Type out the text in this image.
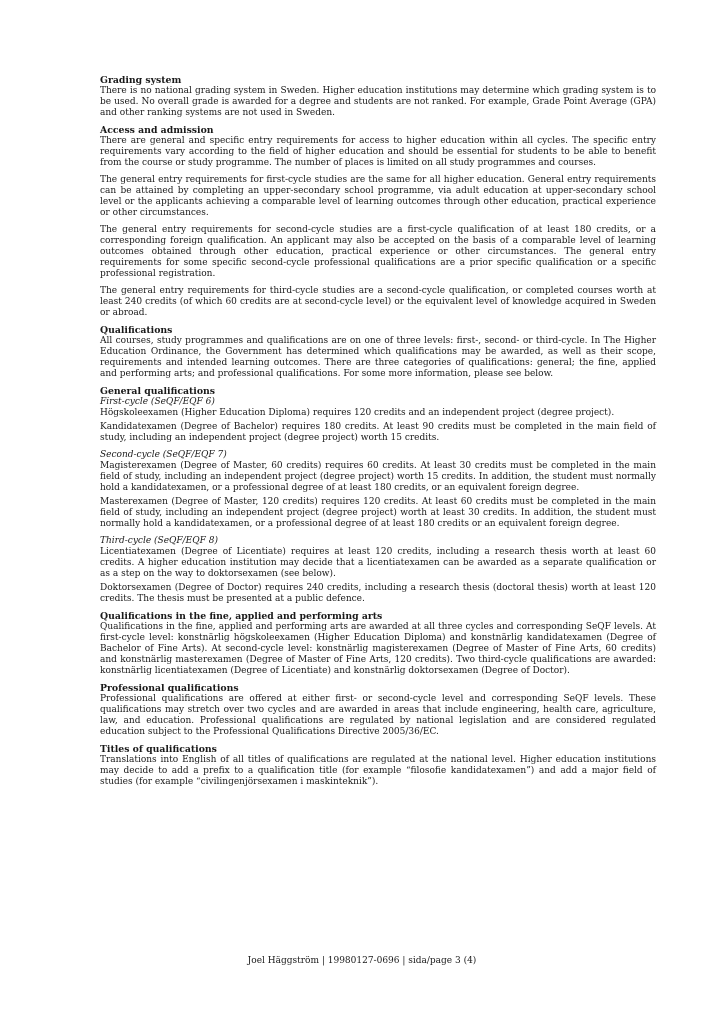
Grading system

There is no national grading system in Sweden. Higher education institutions may determine which grading system is to be used. No overall grade is awarded for a degree and students are not ranked. For example, Grade Point Average (GPA) and other ranking systems are not used in Sweden.

Access and admission

There are general and specific entry requirements for access to higher education within all cycles. The specific entry requirements vary according to the field of higher education and should be essential for students to be able to benefit from the course or study programme. The number of places is limited on all study programmes and courses.

The general entry requirements for first-cycle studies are the same for all higher education. General entry requirements can be attained by completing an upper-secondary school programme, via adult education at upper-secondary school level or the applicants achieving a comparable level of learning outcomes through other education, practical experience or other circumstances.

The general entry requirements for second-cycle studies are a first-cycle qualification of at least 180 credits, or a corresponding foreign qualification. An applicant may also be accepted on the basis of a comparable level of learning outcomes obtained through other education, practical experience or other circumstances. The general entry requirements for some specific second-cycle professional qualifications are a prior specific qualification or a specific professional registration.

The general entry requirements for third-cycle studies are a second-cycle qualification, or completed courses worth at least 240 credits (of which 60 credits are at second-cycle level) or the equivalent level of knowledge acquired in Sweden or abroad.

Qualifications

All courses, study programmes and qualifications are on one of three levels: first-, second- or third-cycle. In The Higher Education Ordinance, the Government has determined which qualifications may be awarded, as well as their scope, requirements and intended learning outcomes. There are three categories of qualifications: general; the fine, applied and performing arts; and professional qualifications. For some more information, please see below.

General qualifications
First-cycle (SeQF/EQF 6)

Högskoleexamen (Higher Education Diploma) requires 120 credits and an independent project (degree project).

Kandidatexamen (Degree of Bachelor) requires 180 credits. At least 90 credits must be completed in the main field of study, including an independent project (degree project) worth 15 credits.

Second-cycle (SeQF/EQF 7)

Magisterexamen (Degree of Master, 60 credits) requires 60 credits. At least 30 credits must be completed in the main field of study, including an independent project (degree project) worth 15 credits. In addition, the student must normally hold a kandidatexamen, or a professional degree of at least 180 credits, or an equivalent foreign degree.

Masterexamen (Degree of Master, 120 credits) requires 120 credits. At least 60 credits must be completed in the main field of study, including an independent project (degree project) worth at least 30 credits. In addition, the student must normally hold a kandidatexamen, or a professional degree of at least 180 credits or an equivalent foreign degree.

Third-cycle (SeQF/EQF 8)

Licentiatexamen (Degree of Licentiate) requires at least 120 credits, including a research thesis worth at least 60 credits. A higher education institution may decide that a licentiatexamen can be awarded as a separate qualification or as a step on the way to doktorsexamen (see below).

Doktorsexamen (Degree of Doctor) requires 240 credits, including a research thesis (doctoral thesis) worth at least 120 credits. The thesis must be presented at a public defence.

Qualifications in the fine, applied and performing arts

Qualifications in the fine, applied and performing arts are awarded at all three cycles and corresponding SeQF levels. At first-cycle level: konstnärlig högskoleexamen (Higher Education Diploma) and konstnärlig kandidatexamen (Degree of Bachelor of Fine Arts). At second-cycle level: konstnärlig magisterexamen (Degree of Master of Fine Arts, 60 credits) and konstnärlig masterexamen (Degree of Master of Fine Arts, 120 credits). Two third-cycle qualifications are awarded: konstnärlig licentiatexamen (Degree of Licentiate) and konstnärlig doktorsexamen (Degree of Doctor).

Professional qualifications

Professional qualifications are offered at either first- or second-cycle level and corresponding SeQF levels. These qualifications may stretch over two cycles and are awarded in areas that include engineering, health care, agriculture, law, and education. Professional qualifications are regulated by national legislation and are considered regulated education subject to the Professional Qualifications Directive 2005/36/EC.

Titles of qualifications

Translations into English of all titles of qualifications are regulated at the national level. Higher education institutions may decide to add a prefix to a qualification title (for example “filosofie kandidatexamen”) and add a major field of studies (for example “civilingenjörsexamen i maskinteknik”).

Joel Häggström | 19980127-0696 | sida/page 3 (4)
